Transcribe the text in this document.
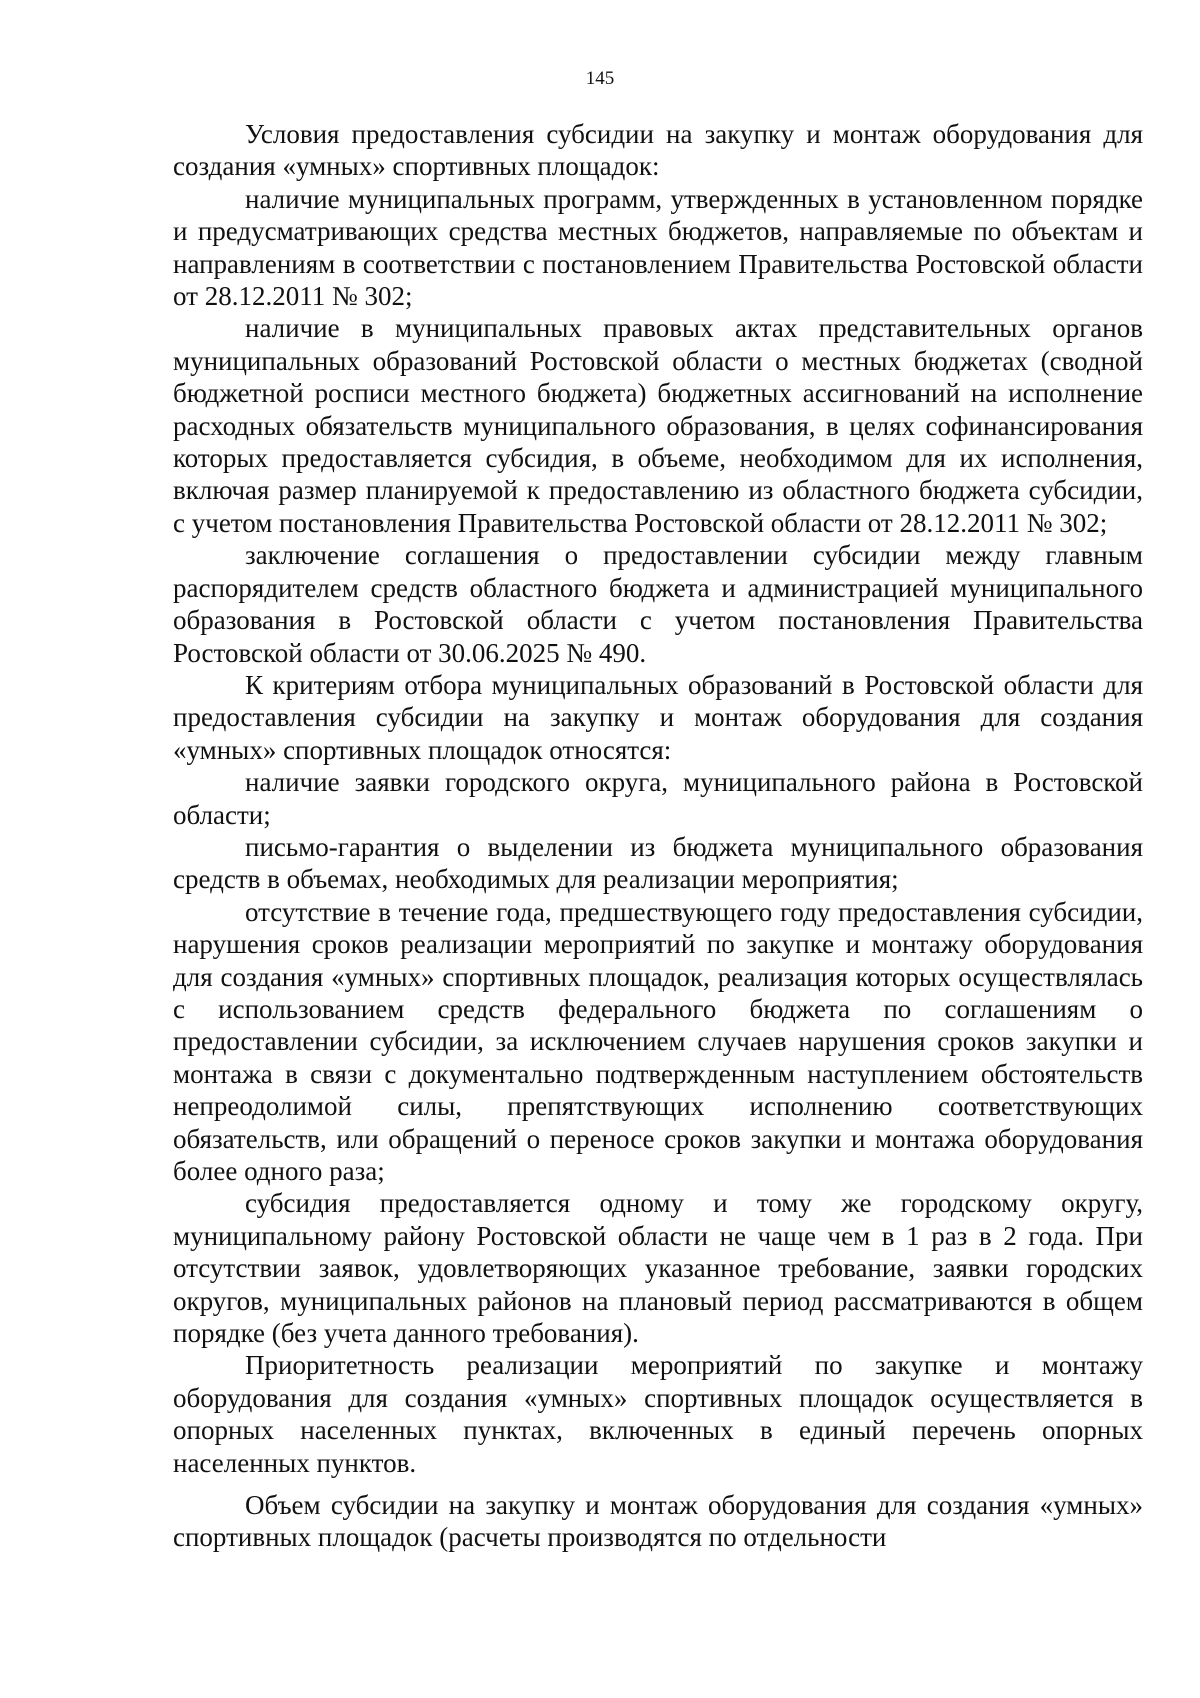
145

Условия предоставления субсидии на закупку и монтаж оборудования для создания «умных» спортивных площадок:

наличие муниципальных программ, утвержденных в установленном порядке и предусматривающих средства местных бюджетов, направляемые по объектам и направлениям в соответствии с постановлением Правительства Ростовской области от 28.12.2011 № 302;

наличие в муниципальных правовых актах представительных органов муниципальных образований Ростовской области о местных бюджетах (сводной бюджетной росписи местного бюджета) бюджетных ассигнований на исполнение расходных обязательств муниципального образования, в целях софинансирования которых предоставляется субсидия, в объеме, необходимом для их исполнения, включая размер планируемой к предоставлению из областного бюджета субсидии, с учетом постановления Правительства Ростовской области от 28.12.2011 № 302;

заключение соглашения о предоставлении субсидии между главным распорядителем средств областного бюджета и администрацией муниципального образования в Ростовской области с учетом постановления Правительства Ростовской области от 30.06.2025 № 490.

К критериям отбора муниципальных образований в Ростовской области для предоставления субсидии на закупку и монтаж оборудования для создания «умных» спортивных площадок относятся:

наличие заявки городского округа, муниципального района в Ростовской области;

письмо-гарантия о выделении из бюджета муниципального образования средств в объемах, необходимых для реализации мероприятия;

отсутствие в течение года, предшествующего году предоставления субсидии, нарушения сроков реализации мероприятий по закупке и монтажу оборудования для создания «умных» спортивных площадок, реализация которых осуществлялась с использованием средств федерального бюджета по соглашениям о предоставлении субсидии, за исключением случаев нарушения сроков закупки и монтажа в связи с документально подтвержденным наступлением обстоятельств непреодолимой силы, препятствующих исполнению соответствующих обязательств, или обращений о переносе сроков закупки и монтажа оборудования более одного раза;

субсидия предоставляется одному и тому же городскому округу, муниципальному району Ростовской области не чаще чем в 1 раз в 2 года. При отсутствии заявок, удовлетворяющих указанное требование, заявки городских округов, муниципальных районов на плановый период рассматриваются в общем порядке (без учета данного требования).

Приоритетность реализации мероприятий по закупке и монтажу оборудования для создания «умных» спортивных площадок осуществляется в опорных населенных пунктах, включенных в единый перечень опорных населенных пунктов.

Объем субсидии на закупку и монтаж оборудования для создания «умных» спортивных площадок (расчеты производятся по отдельности
